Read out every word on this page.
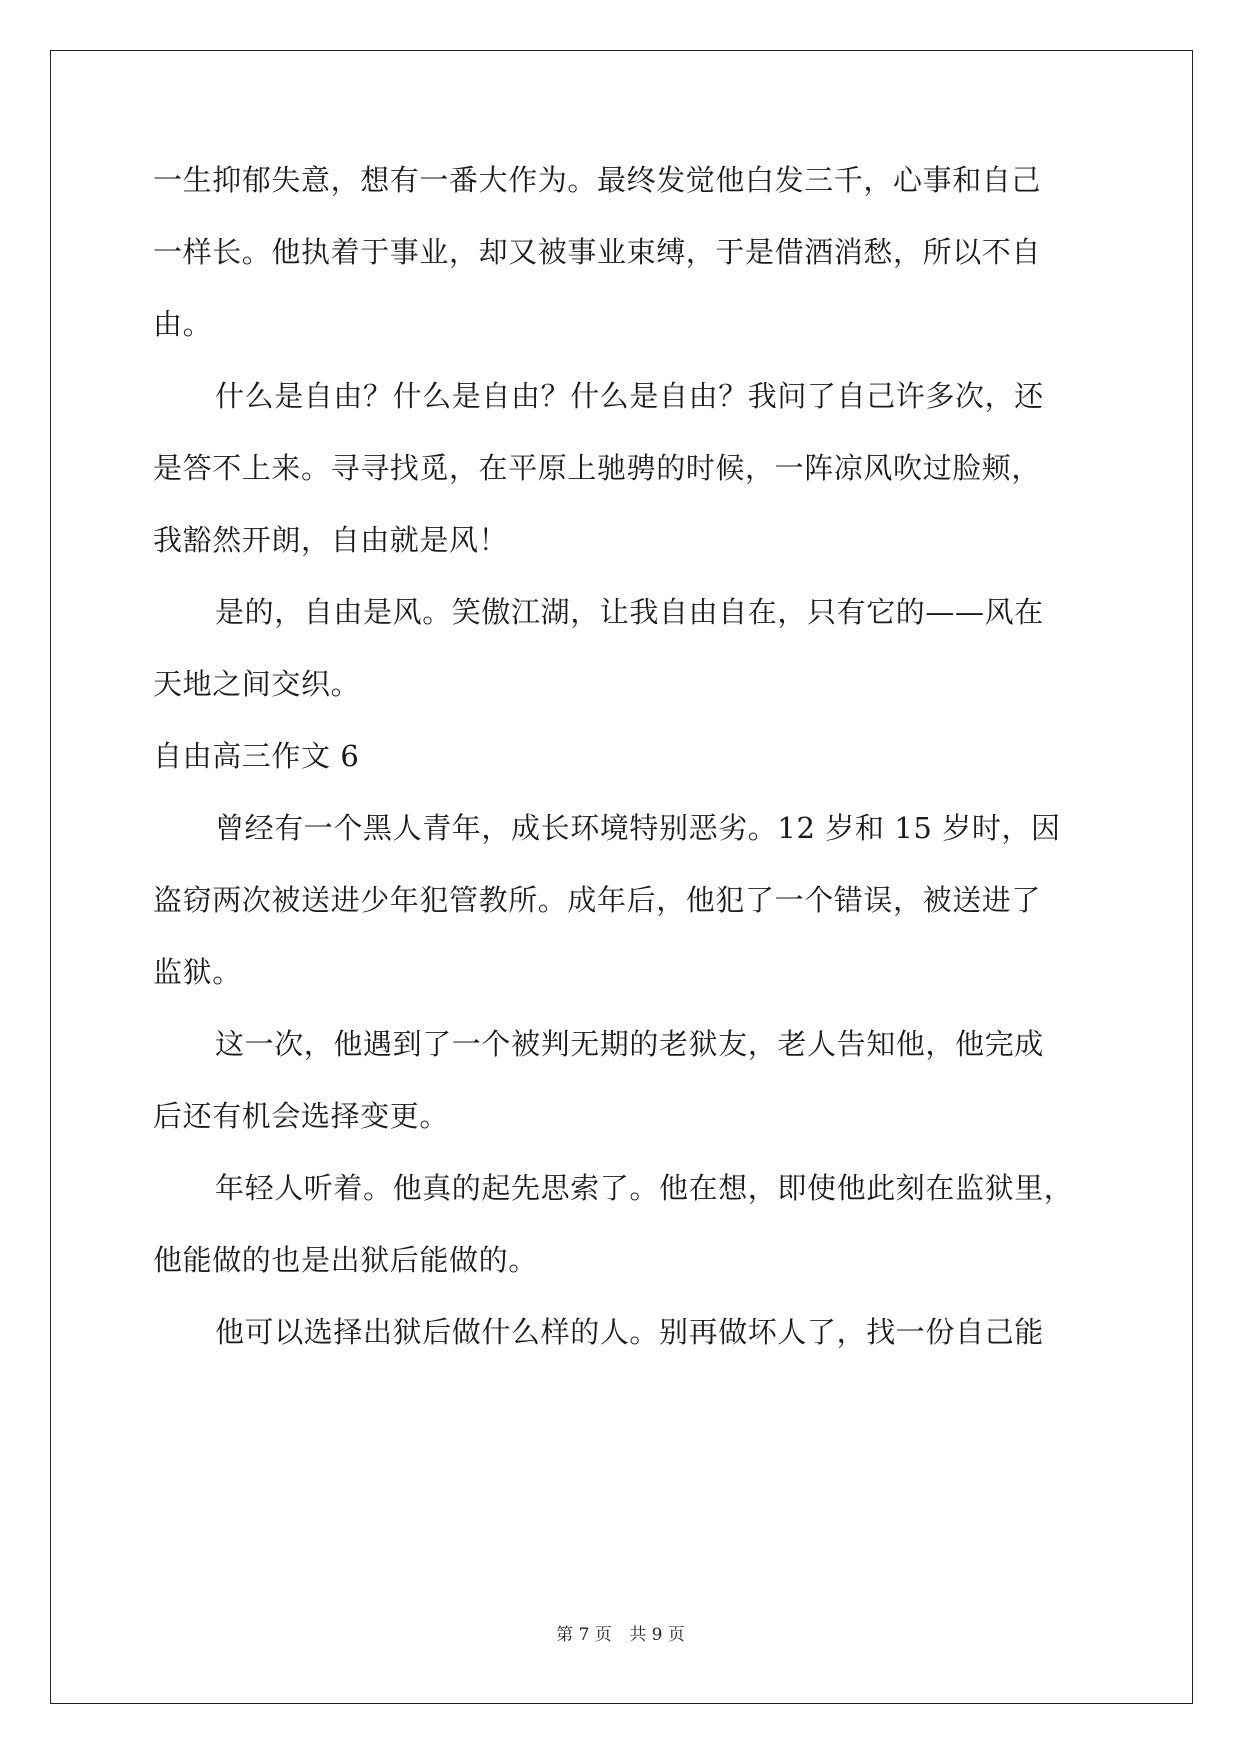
一生抑郁失意，想有一番大作为。最终发觉他白发三千，心事和自己
一样长。他执着于事业，却又被事业束缚，于是借酒消愁，所以不自
由。
什么是自由？什么是自由？什么是自由？我问了自己许多次，还
是答不上来。寻寻找觅，在平原上驰骋的时候，一阵凉风吹过脸颊，
我豁然开朗，自由就是风！
是的，自由是风。笑傲江湖，让我自由自在，只有它的——风在
天地之间交织。
自由高三作文 6
曾经有一个黑人青年，成长环境特别恶劣。12 岁和 15 岁时，因
盗窃两次被送进少年犯管教所。成年后，他犯了一个错误，被送进了
监狱。
这一次，他遇到了一个被判无期的老狱友，老人告知他，他完成
后还有机会选择变更。
年轻人听着。他真的起先思索了。他在想，即使他此刻在监狱里，
他能做的也是出狱后能做的。
他可以选择出狱后做什么样的人。别再做坏人了，找一份自己能
第 7 页 共 9 页
